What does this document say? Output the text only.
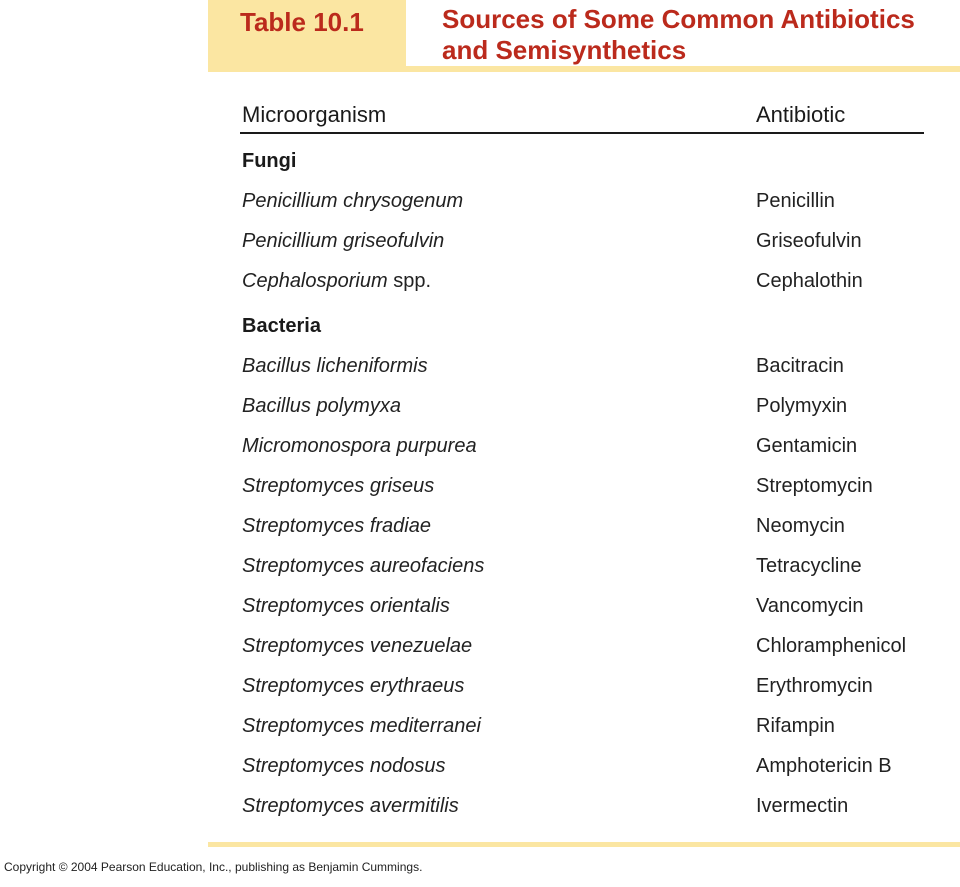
Table 10.1	Sources of Some Common Antibiotics
and Semisynthetics
Microorganism	Antibiotic
Fungi
Penicillium chrysogenum	Penicillin
Penicillium griseofulvin	Griseofulvin
Cephalosporium spp.	Cephalothin
Bacteria
Bacillus licheniformis	Bacitracin
Bacillus polymyxa	Polymyxin
Micromonospora purpurea	Gentamicin
Streptomyces griseus	Streptomycin
Streptomyces fradiae	Neomycin
Streptomyces aureofaciens	Tetracycline
Streptomyces orientalis	Vancomycin
Streptomyces venezuelae	Chloramphenicol
Streptomyces erythraeus	Erythromycin
Streptomyces mediterranei	Rifampin
Streptomyces nodosus	Amphotericin B
Streptomyces avermitilis	Ivermectin
Copyright © 2004 Pearson Education, Inc., publishing as Benjamin Cummings.
